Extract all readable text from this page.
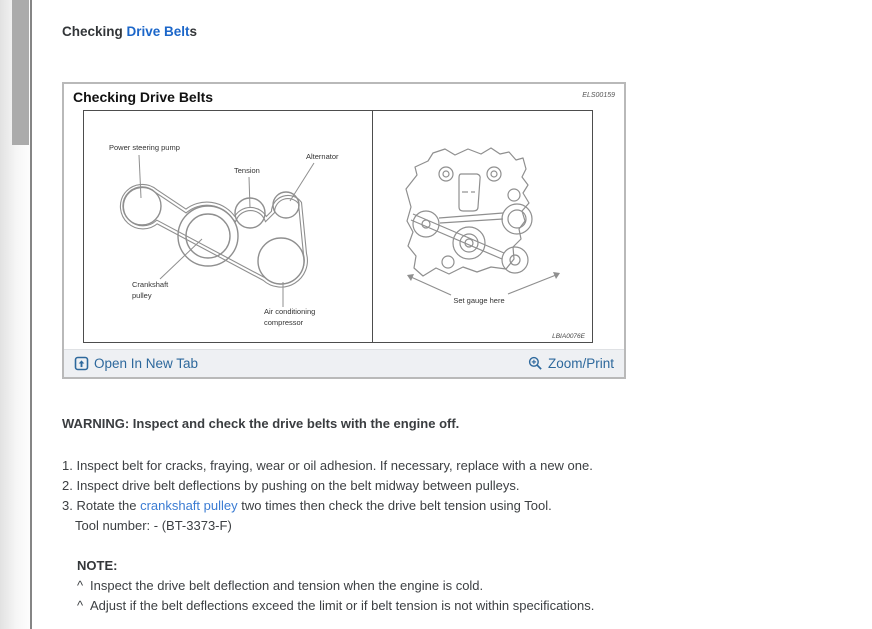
Checking Drive Belts
Checking Drive Belts	ELS00159
Power steering pump
Tension
Alternator
Crankshaft
pulley
Air conditioning
compressor
Set gauge here
LBIA0076E
Open In New Tab	Zoom/Print
WARNING: Inspect and check the drive belts with the engine off.
1. Inspect belt for cracks, fraying, wear or oil adhesion. If necessary, replace with a new one.
2. Inspect drive belt deflections by pushing on the belt midway between pulleys.
3. Rotate the crankshaft pulley two times then check the drive belt tension using Tool.
Tool number: - (BT-3373-F)
NOTE:
^ Inspect the drive belt deflection and tension when the engine is cold.
^ Adjust if the belt deflections exceed the limit or if belt tension is not within specifications.
